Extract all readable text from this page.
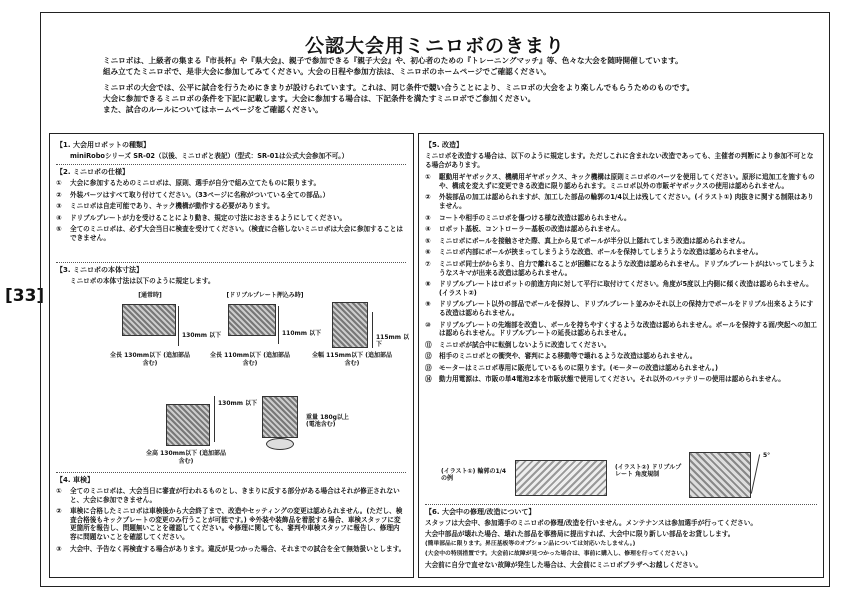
[33]
公認大会用ミニロボのきまり

ミニロボは、上級者の集まる『市長杯』や『県大会』、親子で参加できる『親子大会』や、初心者のための『トレーニングマッチ』等、色々な大会を随時開催しています。

組み立てたミニロボで、是非大会に参加してみてください。大会の日程や参加方法は、ミニロボのホームページでご確認ください。

ミニロボの大会では、公平に試合を行うためにきまりが設けられています。これは、同じ条件で競い合うことにより、ミニロボの大会をより楽しんでもらうためのものです。

大会に参加できるミニロボの条件を下記に記載します。大会に参加する場合は、下記条件を満たすミニロボでご参加ください。

また、試合のルールについてはホームページをご確認ください。

【1. 大会用ロボットの種類】
miniRoboシリーズ SR-02（以後、ミニロボと表記）（型式：SR-01は公式大会参加不可。）
【2. ミニロボの仕様】
①	大会に参加するためのミニロボは、原則、選手が自分で組み立てたものに限ります。
②	外装パーツはすべて取り付けてください。（33ページに名称がついている全ての部品。）
③	ミニロボは自走可能であり、キック機構が動作する必要があります。
④	ドリブルプレートが力を受けることにより動き、規定の寸法におさまるようにしてください。
⑤	全てのミニロボは、必ず大会当日に検査を受けてください。（検査に合格しないミニロボは大会に参加することはできません。
【3. ミニロボの本体寸法】
ミニロボの本体寸法は以下のように規定します。
[通常時]
130mm 以下
全長 130mm以下 (追加部品含む)
[ドリブルプレート押込み時]
110mm 以下
全長 110mm以下 (追加部品含む)
115mm 以下
全幅 115mm以下 (追加部品含む)
130mm 以下
全高 130mm以下 (追加部品含む)
重量 180g以上 (電池含む)
【4. 車検】
①	全てのミニロボは、大会当日に審査が行われるものとし、きまりに反する部分がある場合はそれが修正されないと、大会に参加できません。
②	車検に合格したミニロボは車検後から大会終了まで、改造やセッティングの変更は認められません。(ただし、検査合格後もキックプレートの変更のみ行うことが可能です。) ※外装や装飾品を着脱する場合、車検スタッフに変更箇所を報告し、問題無いことを確認してください。※修理に関しても、審判や車検スタッフに報告し、修理内容に問題ないことを確認してください。
③	大会中、予告なく再検査する場合があります。違反が見つかった場合、それまでの試合を全て無効扱いとします。
【5. 改造】
ミニロボを改造する場合は、以下のように規定します。ただしこれに含まれない改造であっても、主催者の判断により参加不可となる場合があります。
①	駆動用ギヤボックス、機構用ギヤボックス、キック機構は原則ミニロボのパーツを使用してください。原形に追加工を施すものや、構成を変えずに変更できる改造に限り認められます。ミニロボ以外の市販ギヤボックスの使用は認められません。
②	外装部品の加工は認められますが、加工した部品の輪郭の1/4以上は残してください。(イラスト①) 肉抜きに関する制限はありません。
③	コートや相手のミニロボを傷つける様な改造は認められません。
④	ロボット基板、コントローラー基板の改造は認められません。
⑤	ミニロボにボールを接触させた際、真上から見てボールが半分以上隠れてしまう改造は認められません。
⑥	ミニロボ内部にボールが挟まってしまうような改造、ボールを保持してしまうような改造は認められません。
⑦	ミニロボ同士がからまり、自力で離れることが困難になるような改造は認められません。ドリブルプレートがはいってしまうようなスキマが出来る改造は認められません。
⑧	ドリブルプレートはロボットの前進方向に対して平行に取付けてください。角度が5度以上内側に傾く改造は認められません。(イラスト②)
⑨	ドリブルプレート以外の部品でボールを保持し、ドリブルプレート並みかそれ以上の保持力でボールをドリブル出来るようにする改造は認められません。
⑩	ドリブルプレートの先端部を改造し、ボールを持ちやすくするような改造は認められません。ボールを保持する面/突起への加工は認められません。ドリブルプレートの延長は認められません。
⑪	ミニロボが試合中に転倒しないように改造してください。
⑫	相手のミニロボとの衝突や、審判による移動等で壊れるような改造は認められません。
⑬	モーターはミニロボ専用に販売しているものに限ります。(モーターの改造は認められません。)
⑭	動力用電源は、市販の単4電池2本を市販状態で使用してください。それ以外のバッテリーの使用は認められません。
(イラスト①) 輪郭の1/4の例
(イラスト②) ドリブルプレート 角度規制
5°
【6. 大会中の修理/改造について】
スタッフは大会中、参加選手のミニロボの修理/改造を行いません。メンテナンスは参加選手が行ってください。
大会中部品が壊れた場合、壊れた部品を事務局に提出すれば、大会中に限り新しい部品をお貸しします。
(簡単部品に限ります。昇圧基板等のオプション品については対応いたしません。)
(大会中の特別措置です。大会前に故障が見つかった場合は、事前に購入し、修理を行ってください。)
大会前に自分で直せない故障が発生した場合は、大会前にミニロボプラザへお越しください。
